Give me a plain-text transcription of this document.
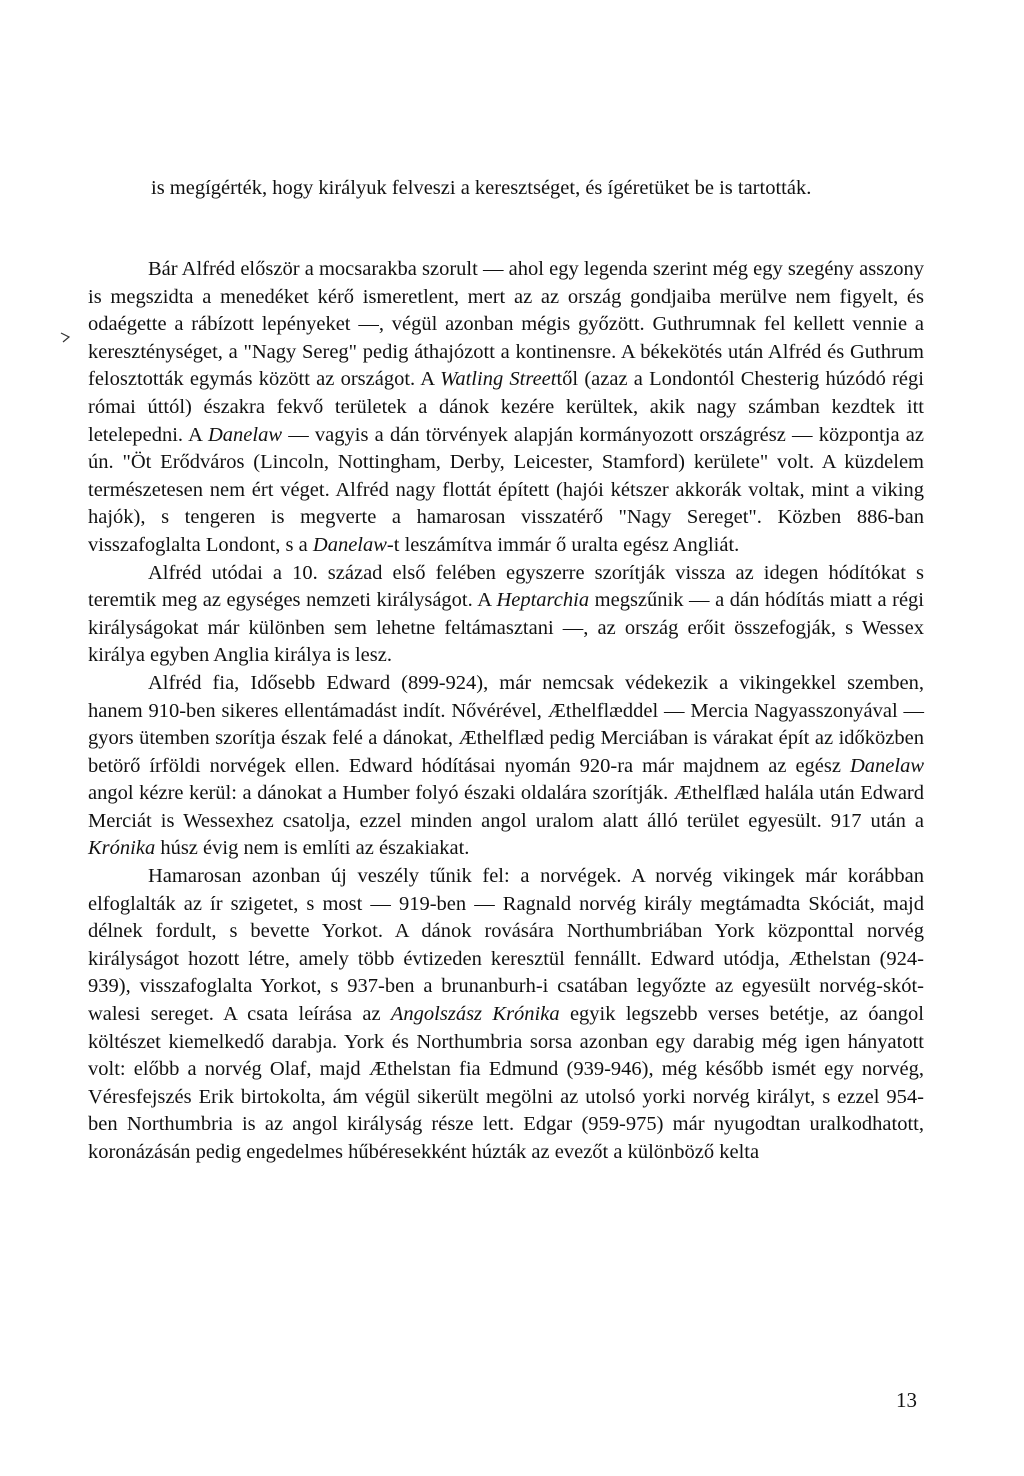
is megígérték, hogy királyuk felveszi a keresztséget, és ígéretüket be is tartották.

Bár Alfréd először a mocsarakba szorult — ahol egy legenda szerint még egy szegény asszony is megszidta a menedéket kérő ismeretlent, mert az az ország gondjaiba merülve nem figyelt, és odaégette a rábízott lepényeket —, végül azonban mégis győzött. Guthrumnak fel kellett vennie a kereszténységet, a "Nagy Sereg" pedig áthajózott a kontinensre. A békekötés után Alfréd és Guthrum felosztották egymás között az országot. A Watling Streettől (azaz a Londontól Chesterig húzódó régi római úttól) északra fekvő területek a dánok kezére kerültek, akik nagy számban kezdtek itt letelepedni. A Danelaw — vagyis a dán törvények alapján kormányozott országrész — központja az ún. "Öt Erődváros (Lincoln, Nottingham, Derby, Leicester, Stamford) kerülete" volt. A küzdelem természetesen nem ért véget. Alfréd nagy flottát épített (hajói kétszer akkorák voltak, mint a viking hajók), s tengeren is megverte a hamarosan visszatérő "Nagy Sereget". Közben 886-ban visszafoglalta Londont, s a Danelaw-t leszámítva immár ő uralta egész Angliát.

Alfréd utódai a 10. század első felében egyszerre szorítják vissza az idegen hódítókat s teremtik meg az egységes nemzeti királyságot. A Heptarchia megszűnik — a dán hódítás miatt a régi királyságokat már különben sem lehetne feltámasztani —, az ország erőit összefogják, s Wessex királya egyben Anglia királya is lesz.

Alfréd fia, Idősebb Edward (899-924), már nemcsak védekezik a vikingekkel szemben, hanem 910-ben sikeres ellentámadást indít. Nővérével, Æthelflæddel — Mercia Nagyasszonyával — gyors ütemben szorítja észak felé a dánokat, Æthelflæd pedig Merciában is várakat épít az időközben betörő írföldi norvégek ellen. Edward hódításai nyomán 920-ra már majdnem az egész Danelaw angol kézre kerül: a dánokat a Humber folyó északi oldalára szorítják. Æthelflæd halála után Edward Merciát is Wessexhez csatolja, ezzel minden angol uralom alatt álló terület egyesült. 917 után a Krónika húsz évig nem is említi az északiakat.

Hamarosan azonban új veszély tűnik fel: a norvégek. A norvég vikingek már korábban elfoglalták az ír szigetet, s most — 919-ben — Ragnald norvég király megtámadta Skóciát, majd délnek fordult, s bevette Yorkot. A dánok rovására Northumbriában York központtal norvég királyságot hozott létre, amely több évtizeden keresztül fennállt. Edward utódja, Æthelstan (924-939), visszafoglalta Yorkot, s 937-ben a brunanburh-i csatában legyőzte az egyesült norvég-skót-walesi sereget. A csata leírása az Angolszász Krónika egyik legszebb verses betétje, az óangol költészet kiemelkedő darabja. York és Northumbria sorsa azonban egy darabig még igen hányatott volt: előbb a norvég Olaf, majd Æthelstan fia Edmund (939-946), még később ismét egy norvég, Véresfejszés Erik birtokolta, ám végül sikerült megölni az utolsó yorki norvég királyt, s ezzel 954-ben Northumbria is az angol királyság része lett. Edgar (959-975) már nyugodtan uralkodhatott, koronázásán pedig engedelmes hűbéresekként húzták az evezőt a különböző kelta

13
